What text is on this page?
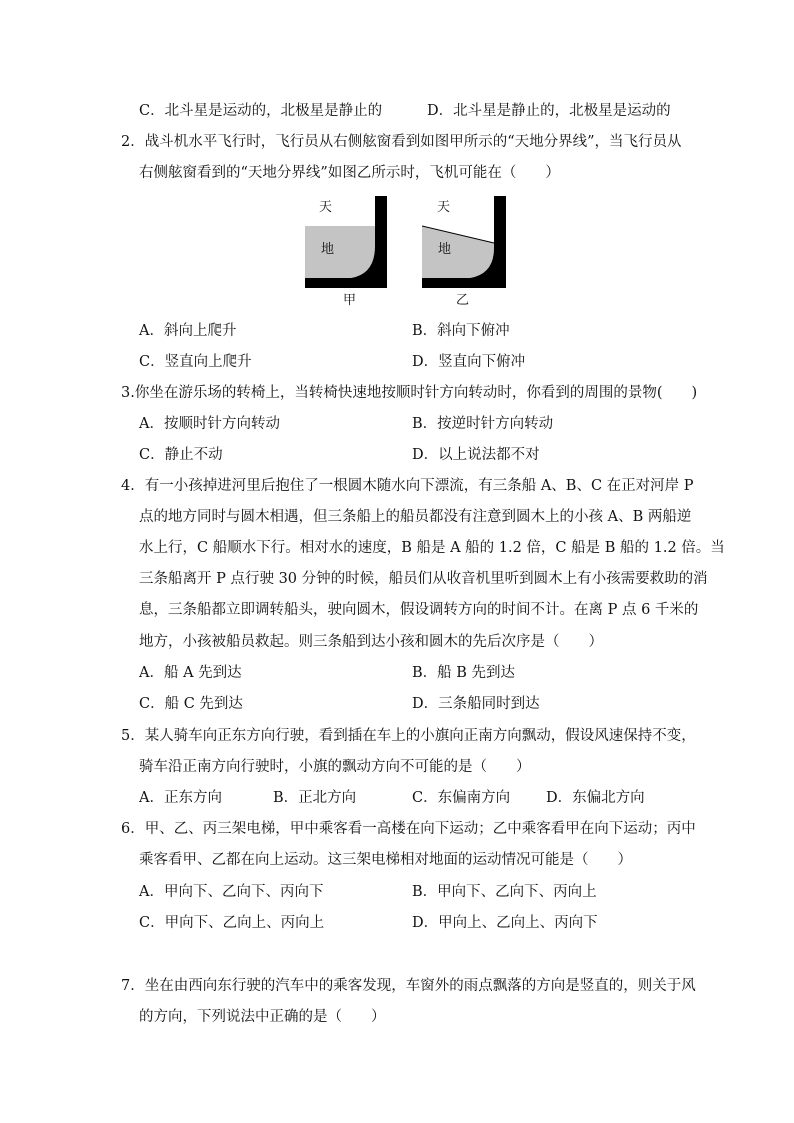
C．北斗星是运动的，北极星是静止的	D．北斗星是静止的，北极星是运动的
2．战斗机水平飞行时，飞行员从右侧舷窗看到如图甲所示的“天地分界线”，当飞行员从
右侧舷窗看到的“天地分界线”如图乙所示时，飞机可能在（　　）
天
地
甲
天
地
乙
A．斜向上爬升	B．斜向下俯冲
C．竖直向上爬升	D．竖直向下俯冲
3.你坐在游乐场的转椅上，当转椅快速地按顺时针方向转动时，你看到的周围的景物(　　)
A．按顺时针方向转动	B．按逆时针方向转动
C．静止不动	D．以上说法都不对
4．有一小孩掉进河里后抱住了一根圆木随水向下漂流，有三条船 A、B、C 在正对河岸 P
点的地方同时与圆木相遇，但三条船上的船员都没有注意到圆木上的小孩 A、B 两船逆
水上行，C 船顺水下行。相对水的速度，B 船是 A 船的 1.2 倍，C 船是 B 船的 1.2 倍。当
三条船离开 P 点行驶 30 分钟的时候，船员们从收音机里听到圆木上有小孩需要救助的消
息，三条船都立即调转船头，驶向圆木，假设调转方向的时间不计。在离 P 点 6 千米的
地方，小孩被船员救起。则三条船到达小孩和圆木的先后次序是（　　）
A．船 A 先到达	B．船 B 先到达
C．船 C 先到达	D．三条船同时到达
5．某人骑车向正东方向行驶，看到插在车上的小旗向正南方向飘动，假设风速保持不变，
骑车沿正南方向行驶时，小旗的飘动方向不可能的是（　　）
A．正东方向	B．正北方向	C．东偏南方向 D．东偏北方向
6．甲、乙、丙三架电梯，甲中乘客看一高楼在向下运动；乙中乘客看甲在向下运动；丙中
乘客看甲、乙都在向上运动。这三架电梯相对地面的运动情况可能是（　　）
A．甲向下、乙向下、丙向下	B．甲向下、乙向下、丙向上
C．甲向下、乙向上、丙向上	D．甲向上、乙向上、丙向下
7．坐在由西向东行驶的汽车中的乘客发现，车窗外的雨点飘落的方向是竖直的，则关于风
的方向，下列说法中正确的是（　　）
